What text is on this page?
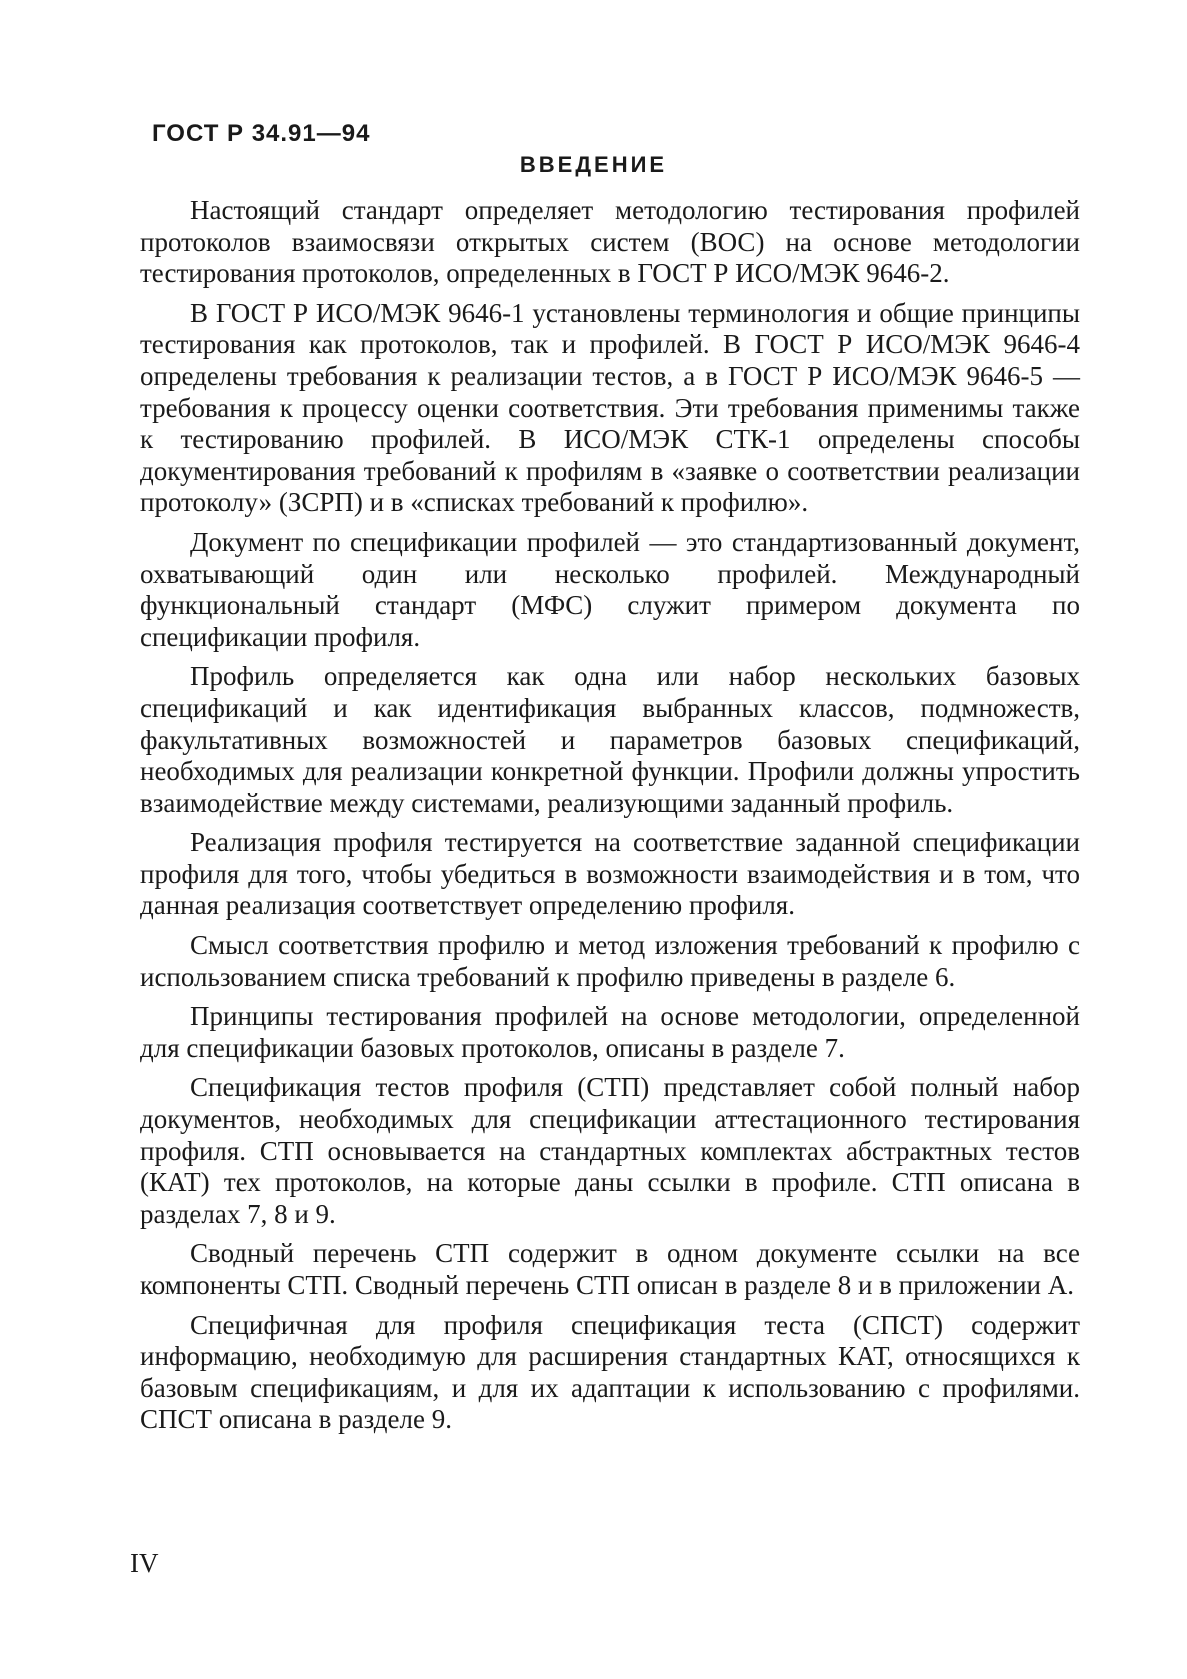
ГОСТ Р 34.91—94
ВВЕДЕНИЕ

Настоящий стандарт определяет методологию тестирования профилей протоколов взаимосвязи открытых систем (ВОС) на основе методологии тестирования протоколов, определенных в ГОСТ Р ИСО/МЭК 9646-2.

В ГОСТ Р ИСО/МЭК 9646-1 установлены терминология и общие принципы тестирования как протоколов, так и профилей. В ГОСТ Р ИСО/МЭК 9646-4 определены требования к реализации тестов, а в ГОСТ Р ИСО/МЭК 9646-5 — требования к процессу оценки соответствия. Эти требования применимы также к тестированию профилей. В ИСО/МЭК СТК-1 определены способы документирования требований к профилям в «заявке о соответствии реализации протоколу» (ЗСРП) и в «списках требований к профилю».

Документ по спецификации профилей — это стандартизованный документ, охватывающий один или несколько профилей. Международный функциональный стандарт (МФС) служит примером документа по спецификации профиля.

Профиль определяется как одна или набор нескольких базовых спецификаций и как идентификация выбранных классов, подмножеств, факультативных возможностей и параметров базовых спецификаций, необходимых для реализации конкретной функции. Профили должны упростить взаимодействие между системами, реализующими заданный профиль.

Реализация профиля тестируется на соответствие заданной спецификации профиля для того, чтобы убедиться в возможности взаимодействия и в том, что данная реализация соответствует определению профиля.

Смысл соответствия профилю и метод изложения требований к профилю с использованием списка требований к профилю приведены в разделе 6.

Принципы тестирования профилей на основе методологии, определенной для спецификации базовых протоколов, описаны в разделе 7.

Спецификация тестов профиля (СТП) представляет собой полный набор документов, необходимых для спецификации аттестационного тестирования профиля. СТП основывается на стандартных комплектах абстрактных тестов (КАТ) тех протоколов, на которые даны ссылки в профиле. СТП описана в разделах 7, 8 и 9.

Сводный перечень СТП содержит в одном документе ссылки на все компоненты СТП. Сводный перечень СТП описан в разделе 8 и в приложении А.

Специфичная для профиля спецификация теста (СПСТ) содержит информацию, необходимую для расширения стандартных КАТ, относящихся к базовым спецификациям, и для их адаптации к использованию с профилями. СПСТ описана в разделе 9.

IV
